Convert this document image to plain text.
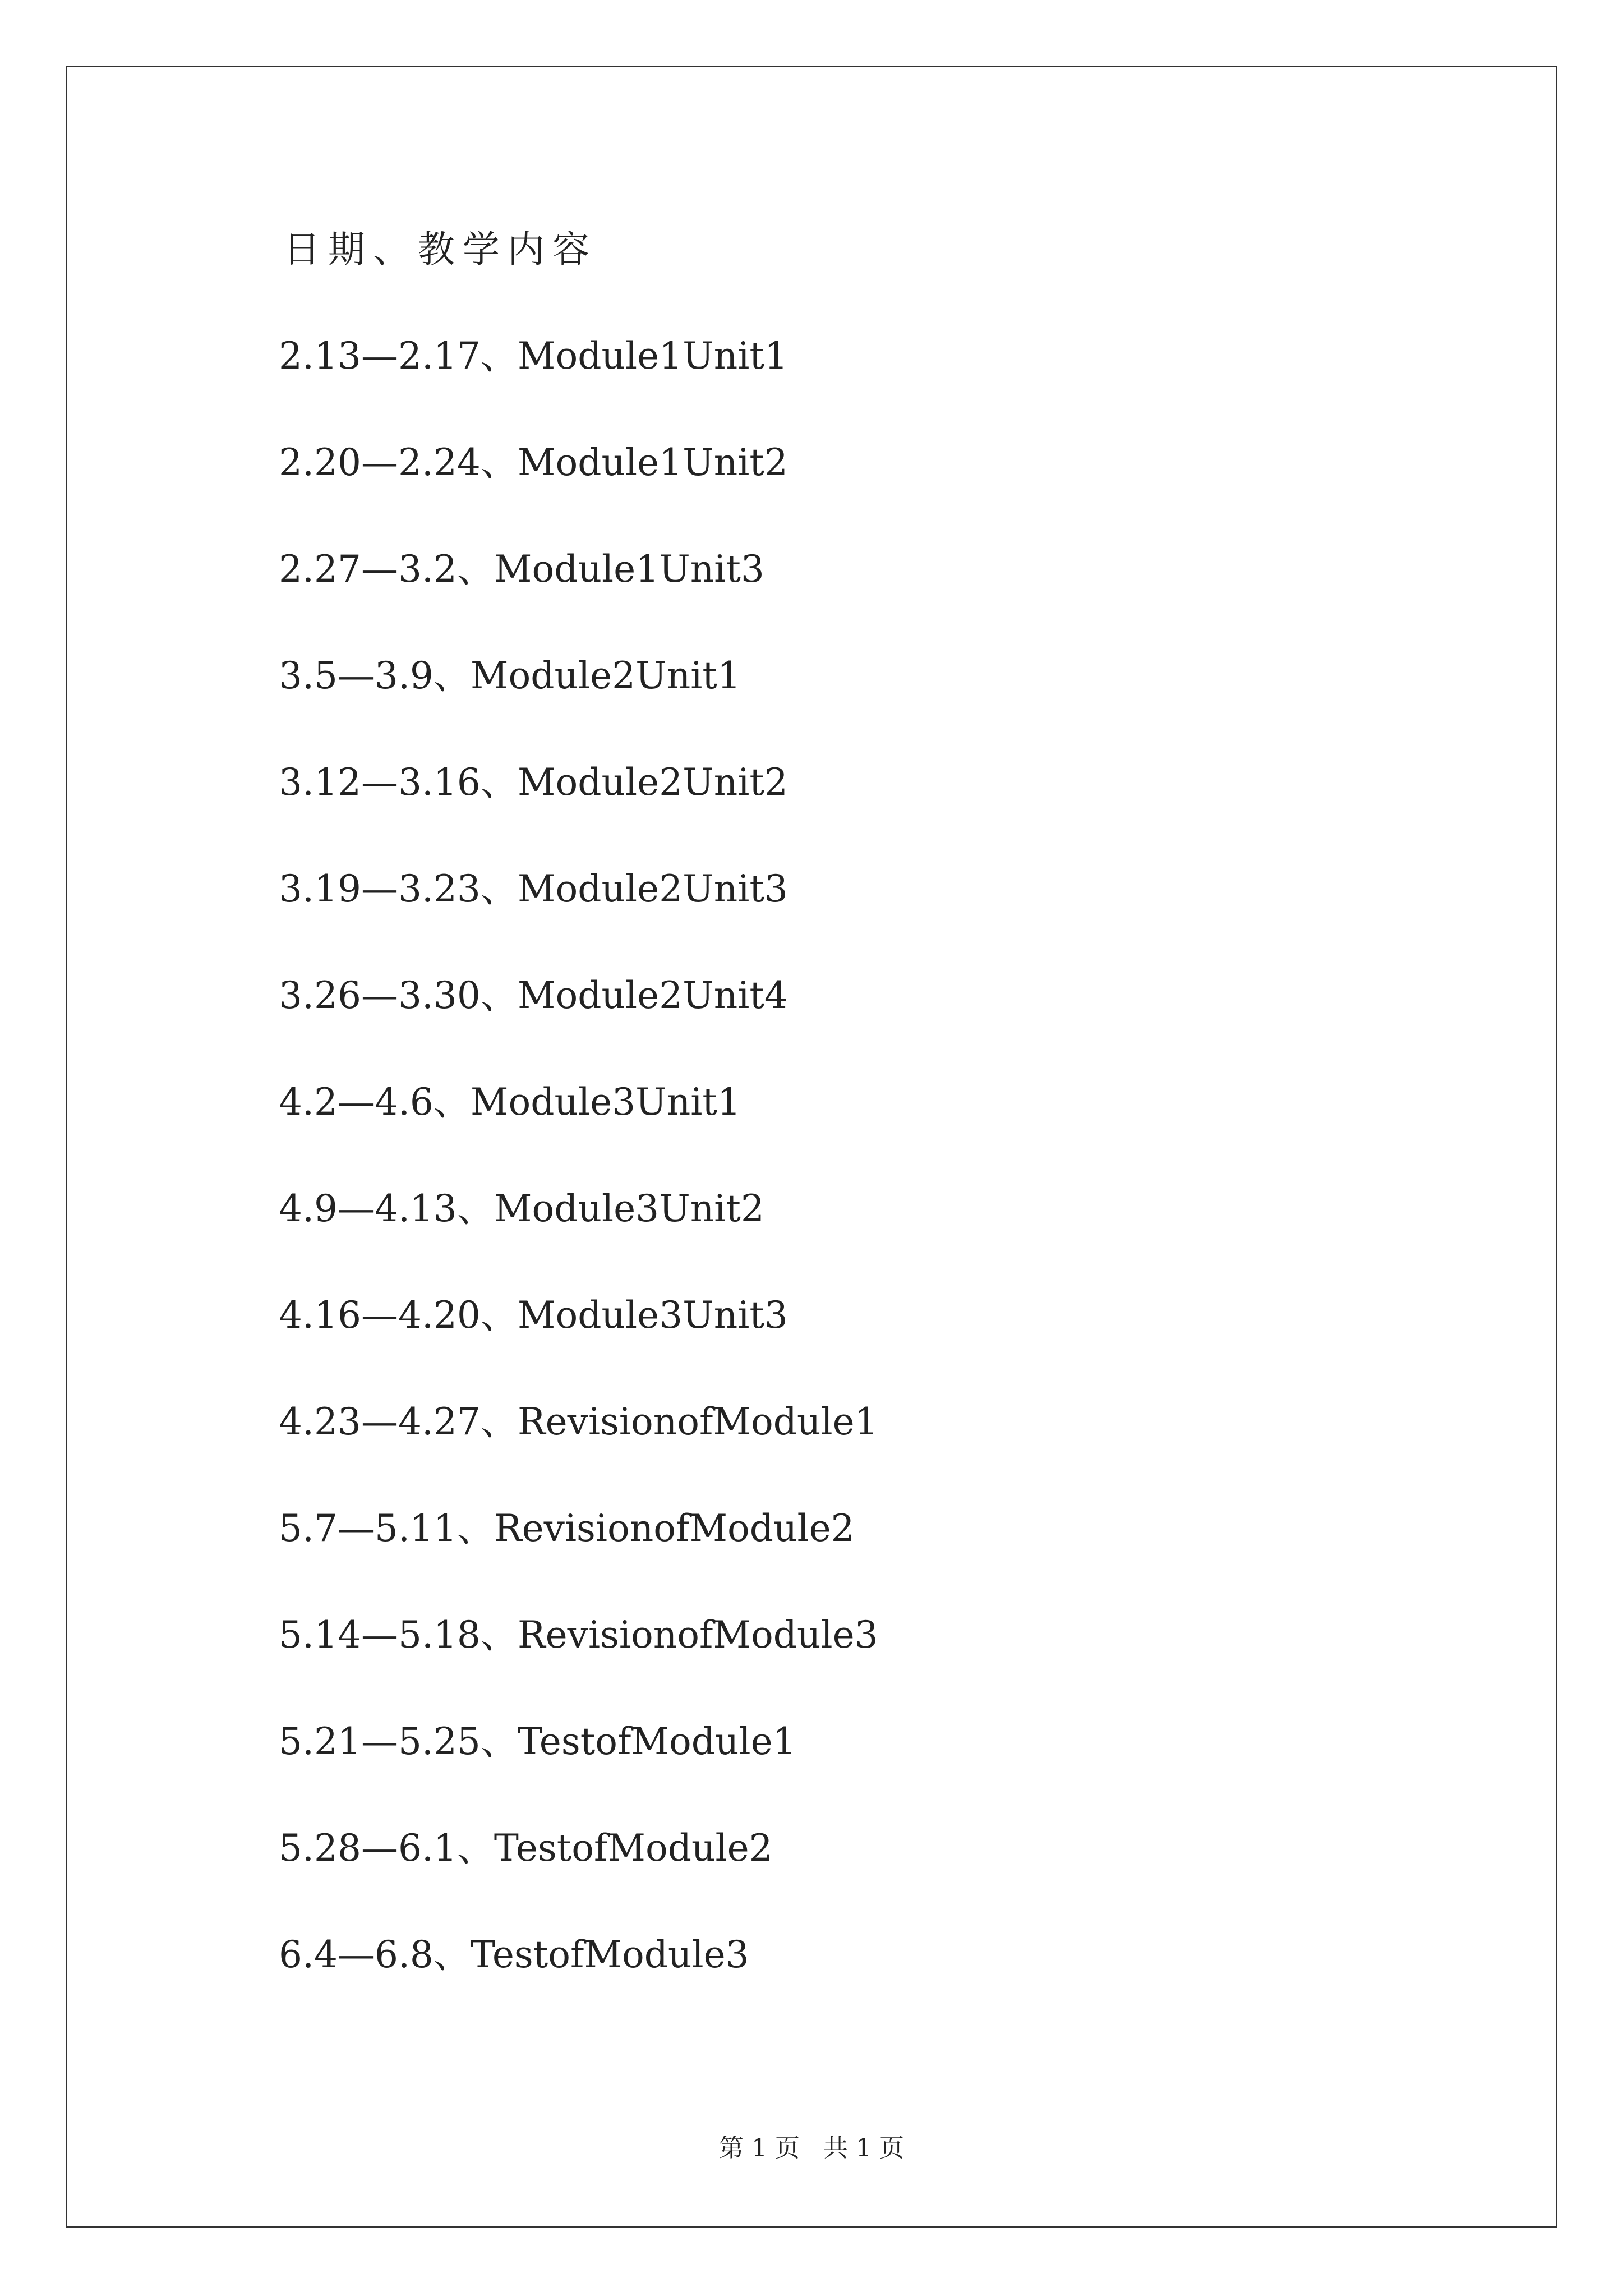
日期、教学内容
2.13—2.17、Module1Unit1
2.20—2.24、Module1Unit2
2.27—3.2、Module1Unit3
3.5—3.9、Module2Unit1
3.12—3.16、Module2Unit2
3.19—3.23、Module2Unit3
3.26—3.30、Module2Unit4
4.2—4.6、Module3Unit1
4.9—4.13、Module3Unit2
4.16—4.20、Module3Unit3
4.23—4.27、RevisionofModule1
5.7—5.11、RevisionofModule2
5.14—5.18、RevisionofModule3
5.21—5.25、TestofModule1
5.28—6.1、TestofModule2
6.4—6.8、TestofModule3
第 1 页   共 1 页
